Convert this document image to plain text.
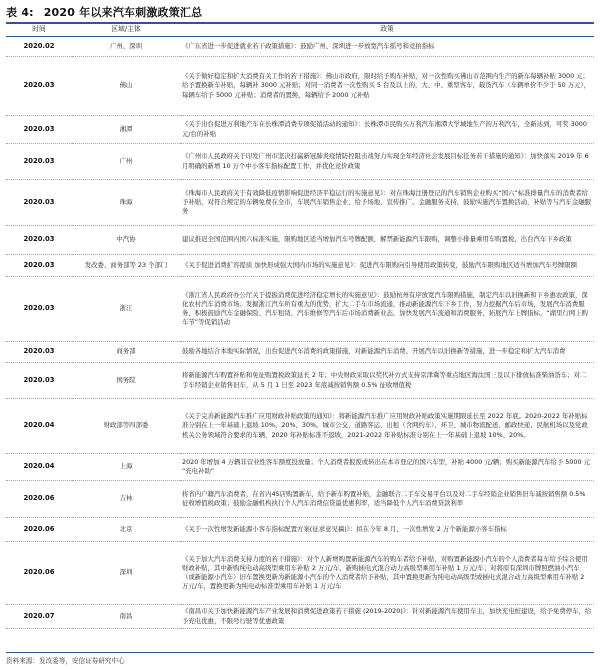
表 4: 2020 年以来汽车刺激政策汇总
时间	区域/主体	政策
2020.02	广州、深圳	《广东省进一步促进就业若干政策措施》：鼓励广州、深圳进一步放宽汽车摇号和竞拍指标
2020.03	佛山	《关于做好稳定和扩大消费有关工作的若干措施》：佛山市政府，限时给予购车补贴，对一次性购买佛山市范围内生产的新车每辆补贴 3000 元；给予置换新车补贴，每辆补 3000 元补贴；对同一消费者一次性购买 5 台及以上的，大、中、重型客车，载货汽车（车辆单价不少于 50 万元），每辆车给予 5000 元补贴；消费者的置换，每辆给予 2000 元补贴
2020.03	湘潭	《关于出台促进万利地产车在长株潭消费专项促销活动的通知》：长株潭市民购买万利汽车湘潭大学城地生产的万利汽车，全新达到，可奖 3000 元/台的补贴
2020.03	广州	《广州市人民政府关于印发广州市坚决打赢新冠肺炎疫情防控阻击战努力实现全年经济社会发展目标任务若干措施的通知》：加快落实 2019 年 6 月明确的新增 10 万个中小客车指标配置工作，并优化竞价政策
2020.03	珠海	《珠海市人民政府关于有效降低疫情影响促进经济平稳运行的实施意见》：对在珠海注册登记的汽车销售企业购买“国六”标准排量汽车的消费者给予补贴，对符合规定的车辆免费在全市，车展汽车销售企业，给予场地、宣传推广、金融服务支持，鼓励实施汽车置换活动，补贴等与汽车金融服务
2020.03	中汽协	建议推迟全国范围内国六标准实施，限购地区适当增加汽车号牌配额，解禁新能源汽车限购，调整小排量乘用车购置税，出台汽车下乡政策
2020.03	发改委、商务部等 23 个部门	《关于促进消费扩容提质 加快形成强大国内市场的实施意见》：促进汽车限购向引导使用政策转变，鼓励汽车限购地区适当增加汽车号牌限额
2020.03	浙江	《浙江省人民政府办公厅关于提振消费促进经济稳定增长的实施意见》：鼓励杭州有序放宽汽车限购措施，制定汽车以旧换新和下乡惠农政策，深化农村汽车消费市场；发掘浙江汽车所有重大的优势，扩大二手车市场流通，推动新能源汽车下乡工作，努力挖掘汽车后市场，发展汽车消费服务，积极鼓励汽车金融保险、汽车租赁、汽车维修等汽车后市场消费新业态，加快发展汽车流通和消费服务，拓展汽车上牌指标，“湖里行网上购车节”等促销活动
2020.03	商务部	鼓励各地结合本地实际情况，出台促进汽车消费的政策措施，对新能源汽车消费、开展汽车以旧换新等措施，进一步稳定和扩大汽车消费
2020.03	国务院	将新能源汽车购置补贴和免征购置税政策延长 2 年；中央财政采取以奖代补方式支持京津冀等重点地区淘汰国三及以下排放标准柴油货车；对二手车经销企业销售旧车，从 5 月 1 日至 2023 年底减按销售额 0.5% 征收增值税
2020.04	财政部等四部委	《关于完善新能源汽车推广应用财政补贴政策的通知》：将新能源汽车推广应用财政补贴政策实施期限延长至 2022 年底。2020-2022 年补贴标准分别在上一年基础上退坡 10%、20%、30%。城市公交、道路客运、出租（含网约车）、环卫、城市物流配送、邮政快递、民航机场以及党政机关公务领域符合要求的车辆，2020 年补贴标准不退坡，2021-2022 年补贴标准分别在上一年基础上退坡 10%、20%。
2020.04	上海	2020 年增加 4 万辆非营业性客车额度投放量；个人消费者报废或转出在本市登记的国六车型，补贴 4000 元/辆；购买新能源汽车给予 5000 元 “充电补助”
2020.06	吉林	将省内户籍汽车消费者，在省内4S店购置新车，给予新车购置补贴，金融联合二手车交易平台以及对二手车经销企业销售旧车减按销售额 0.5% 征收增值税政策；鼓励金融机构执行个人汽车消费信贷最优惠利率，适当降低个人汽车消费贷款利率
2020.06	北京	《关于一次性增发新能源小客车指标配置方案(征求意见稿)》：拟在今年 8 月，一次性增发 2 万个新能源小客车指标
2020.06	深圳	《关于加大汽车消费支持力度的若干措施》：对个人新增购置新能源汽车的购车者给予补贴，对购置新能源小汽车的个人消费者每车给予综合使用财政补贴，其中新购纯电动高级型乘用车补贴 2 万元/车，新购插电式混合动力高级型乘用车补贴 1 万元/车；对将原有深圳市牌照燃油小汽车（或新能源小汽车）旧车置换更新为新能源小汽车的个人消费者给予补贴，其中置换更新为纯电动高级型或插电式混合动力高级型乘用车补贴 2 万元/车，置换更新为纯电动标准型乘用车补贴 1 万元/车
2020.07	南昌	《南昌市关于加快新能源汽车产业发展和消费促进政策若干措施 (2019-2020)》：针对新能源汽车使用车主，加快充电桩建设，给予免费停车，给予充电优惠，不限号行驶等优惠政策
资料来源：发改委等，安信证券研究中心
